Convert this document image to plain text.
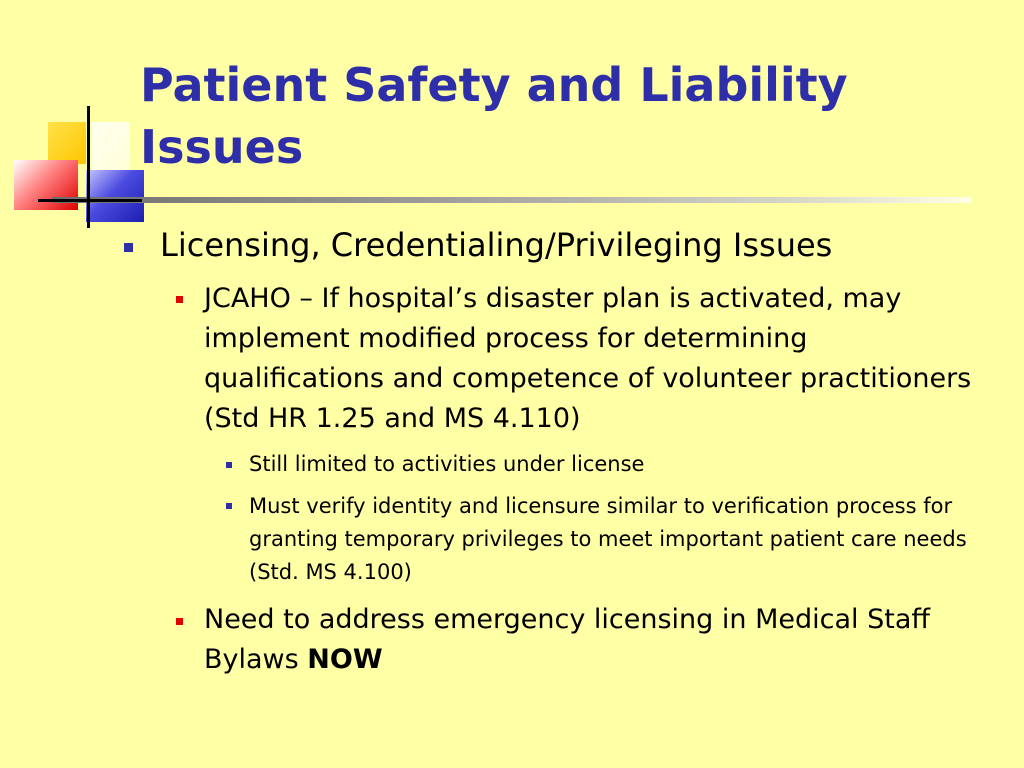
Patient Safety and Liability Issues

Licensing, Credentialing/Privileging Issues

JCAHO – If hospital’s disaster plan is activated, may implement modified process for determining qualifications and competence of volunteer practitioners (Std HR 1.25 and MS 4.110)

Still limited to activities under license

Must verify identity and licensure similar to verification process for granting temporary privileges to meet important patient care needs (Std. MS 4.100)

Need to address emergency licensing in Medical Staff Bylaws NOW
